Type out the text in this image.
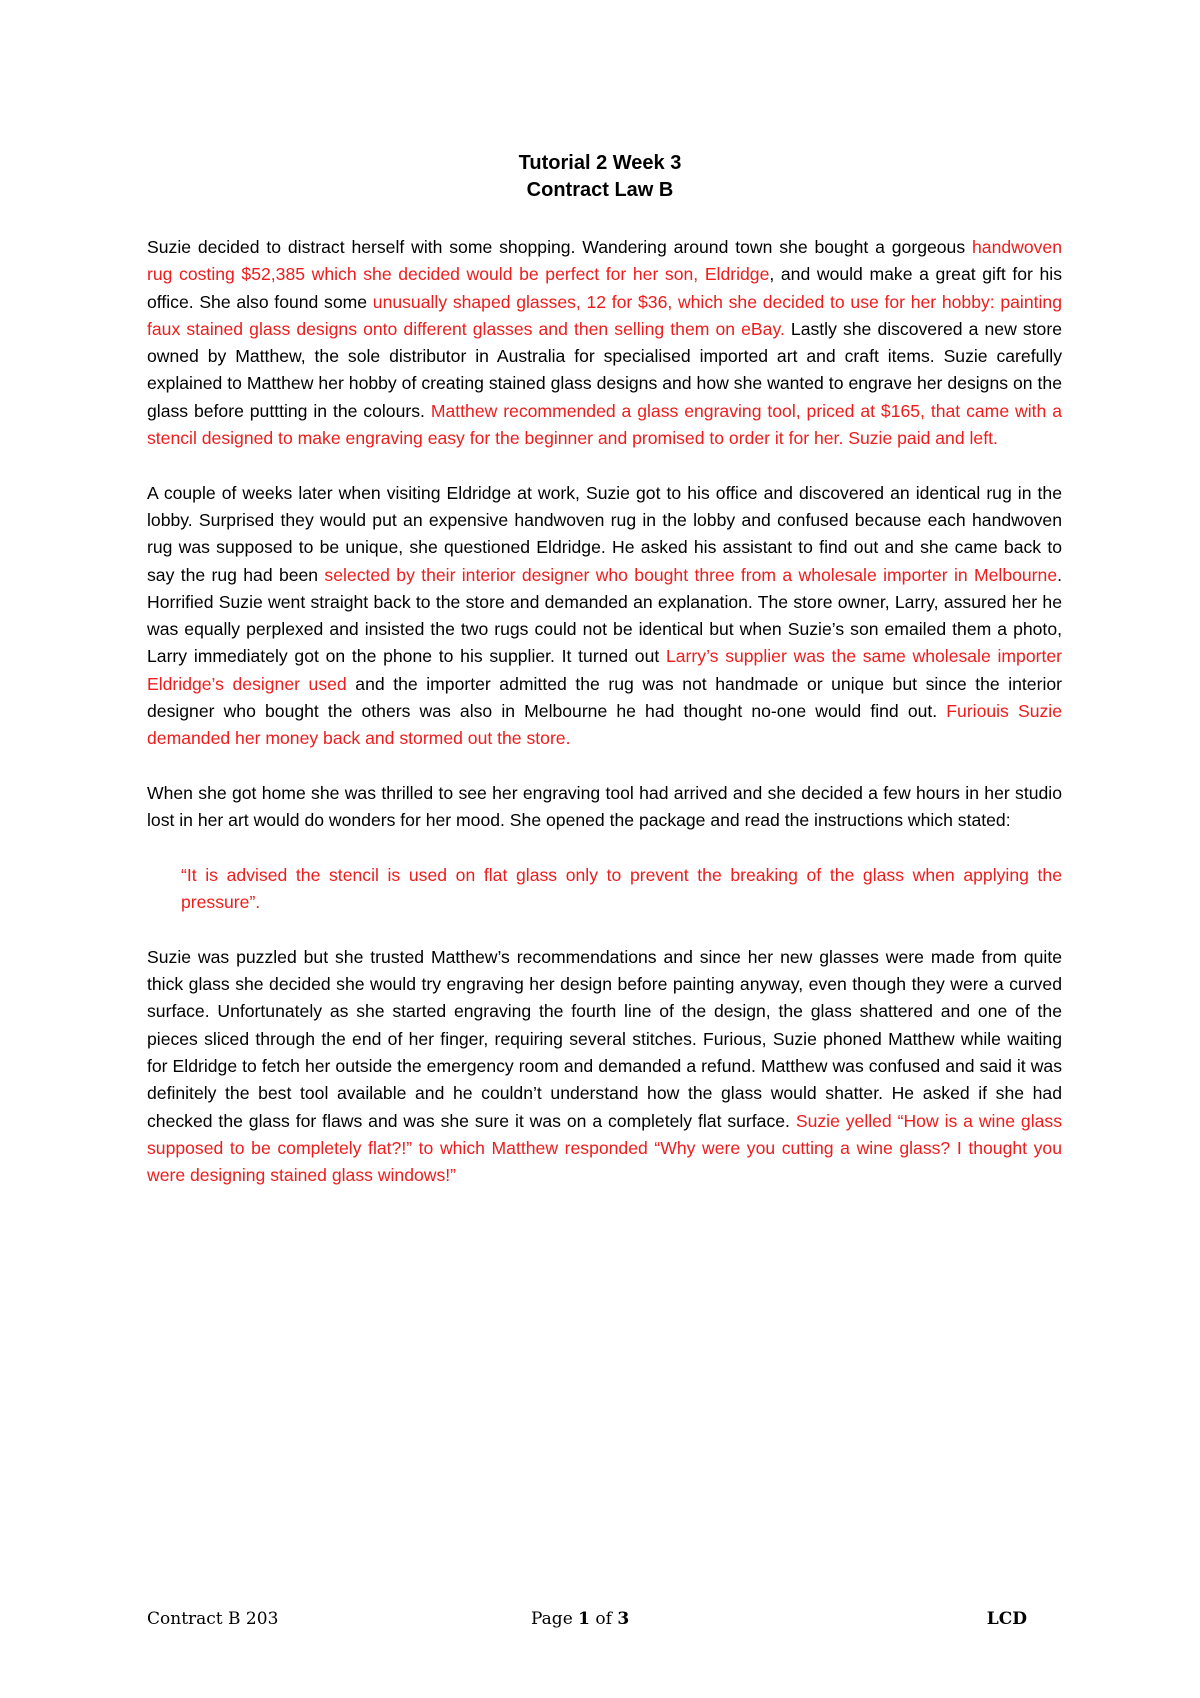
Tutorial 2 Week 3
Contract Law B

Suzie decided to distract herself with some shopping. Wandering around town she bought a gorgeous handwoven rug costing $52,385 which she decided would be perfect for her son, Eldridge, and would make a great gift for his office. She also found some unusually shaped glasses, 12 for $36, which she decided to use for her hobby: painting faux stained glass designs onto different glasses and then selling them on eBay. Lastly she discovered a new store owned by Matthew, the sole distributor in Australia for specialised imported art and craft items. Suzie carefully explained to Matthew her hobby of creating stained glass designs and how she wanted to engrave her designs on the glass before puttting in the colours. Matthew recommended a glass engraving tool, priced at $165, that came with a stencil designed to make engraving easy for the beginner and promised to order it for her. Suzie paid and left.

A couple of weeks later when visiting Eldridge at work, Suzie got to his office and discovered an identical rug in the lobby. Surprised they would put an expensive handwoven rug in the lobby and confused because each handwoven rug was supposed to be unique, she questioned Eldridge. He asked his assistant to find out and she came back to say the rug had been selected by their interior designer who bought three from a wholesale importer in Melbourne. Horrified Suzie went straight back to the store and demanded an explanation. The store owner, Larry, assured her he was equally perplexed and insisted the two rugs could not be identical but when Suzie’s son emailed them a photo, Larry immediately got on the phone to his supplier. It turned out Larry’s supplier was the same wholesale importer Eldridge’s designer used and the importer admitted the rug was not handmade or unique but since the interior designer who bought the others was also in Melbourne he had thought no-one would find out. Furiouis Suzie demanded her money back and stormed out the store.

When she got home she was thrilled to see her engraving tool had arrived and she decided a few hours in her studio lost in her art would do wonders for her mood. She opened the package and read the instructions which stated:

“It is advised the stencil is used on flat glass only to prevent the breaking of the glass when applying the pressure”.

Suzie was puzzled but she trusted Matthew’s recommendations and since her new glasses were made from quite thick glass she decided she would try engraving her design before painting anyway, even though they were a curved surface. Unfortunately as she started engraving the fourth line of the design, the glass shattered and one of the pieces sliced through the end of her finger, requiring several stitches. Furious, Suzie phoned Matthew while waiting for Eldridge to fetch her outside the emergency room and demanded a refund. Matthew was confused and said it was definitely the best tool available and he couldn’t understand how the glass would shatter. He asked if she had checked the glass for flaws and was she sure it was on a completely flat surface. Suzie yelled “How is a wine glass supposed to be completely flat?!” to which Matthew responded “Why were you cutting a wine glass? I thought you were designing stained glass windows!”

Contract B 203	Page 1 of 3	LCD
